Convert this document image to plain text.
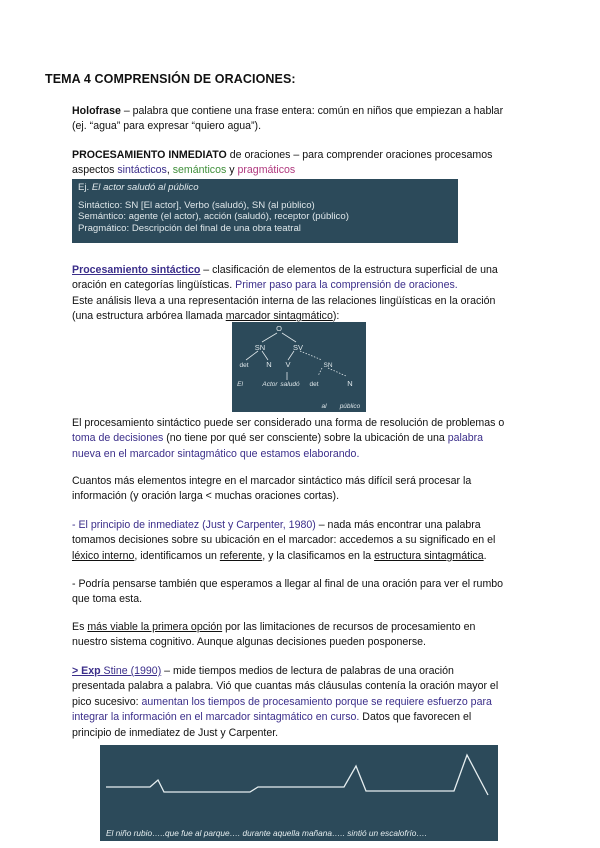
TEMA 4 COMPRENSIÓN DE ORACIONES:
Holofrase – palabra que contiene una frase entera: común en niños que empiezan a hablar
(ej. “agua” para expresar “quiero agua”).
PROCESAMIENTO INMEDIATO de oraciones – para comprender oraciones procesamos
aspectos sintácticos, semánticos y pragmáticos
Ej. El actor saludó al público
Sintáctico: SN [El actor], Verbo (saludó), SN (al público)
Semántico: agente (el actor), acción (saludó), receptor (público)
Pragmático: Descripción del final de una obra teatral
Procesamiento sintáctico – clasificación de elementos de la estructura superficial de una
oración en categorías lingüísticas. Primer paso para la comprensión de oraciones.
Este análisis lleva a una representación interna de las relaciones lingüísticas en la oración
(una estructura arbórea llamada marcador sintagmático):
O
SN	SV
det N V	SN
det	N
El	Actor saludó
al público
El procesamiento sintáctico puede ser considerado una forma de resolución de problemas o
toma de decisiones (no tiene por qué ser consciente) sobre la ubicación de una palabra
nueva en el marcador sintagmático que estamos elaborando.
Cuantos más elementos integre en el marcador sintáctico más difícil será procesar la
información (y oración larga < muchas oraciones cortas).
- El principio de inmediatez (Just y Carpenter, 1980) – nada más encontrar una palabra
tomamos decisiones sobre su ubicación en el marcador: accedemos a su significado en el
léxico interno, identificamos un referente, y la clasificamos en la estructura sintagmática.
- Podría pensarse también que esperamos a llegar al final de una oración para ver el rumbo
que toma esta.
Es más viable la primera opción por las limitaciones de recursos de procesamiento en
nuestro sistema cognitivo. Aunque algunas decisiones pueden posponerse.
> Exp Stine (1990) – mide tiempos medios de lectura de palabras de una oración
presentada palabra a palabra. Vió que cuantas más cláusulas contenía la oración mayor el
pico sucesivo: aumentan los tiempos de procesamiento porque se requiere esfuerzo para
integrar la información en el marcador sintagmático en curso. Datos que favorecen el
principio de inmediatez de Just y Carpenter.
El niño rubio…..que fue al parque…. durante aquella mañana….. sintió un escalofrío….
